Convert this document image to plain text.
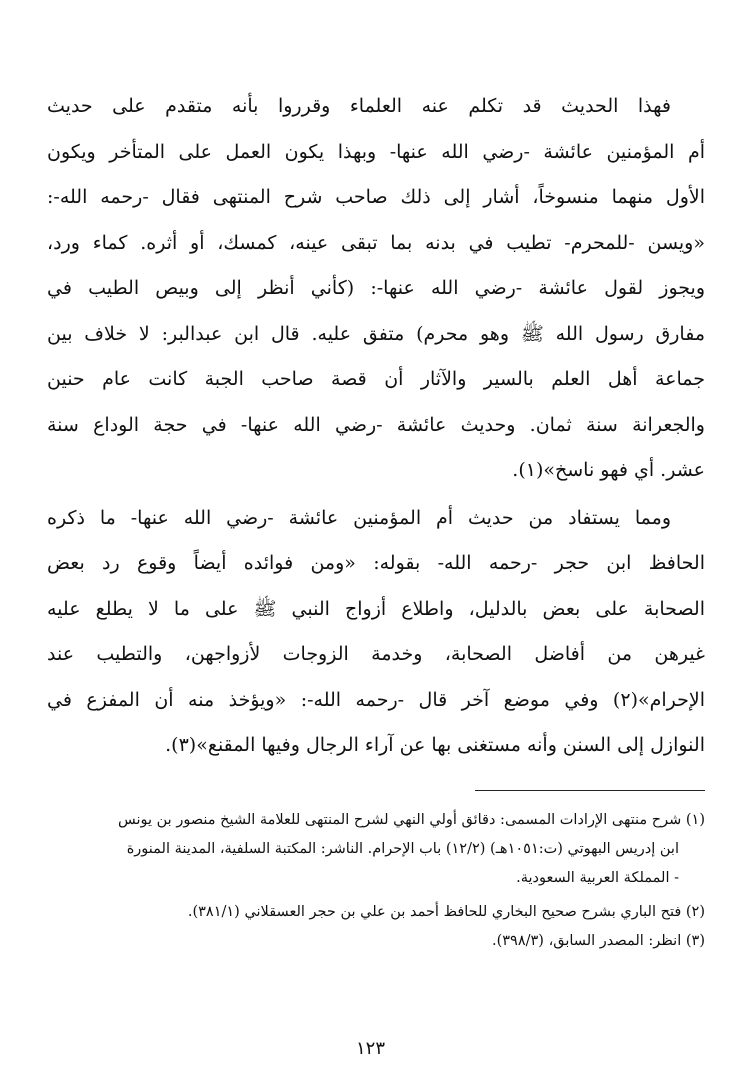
فهذا الحديث قد تكلم عنه العلماء وقرروا بأنه متقدم على حديث
أم المؤمنين عائشة -رضي الله عنها- وبهذا يكون العمل على المتأخر ويكون
الأول منهما منسوخاً، أشار إلى ذلك صاحب شرح المنتهى فقال -رحمه الله-:
«ويسن -للمحرم- تطيب في بدنه بما تبقى عينه، كمسك، أو أثره. كماء ورد،
ويجوز لقول عائشة -رضي الله عنها-: (كأني أنظر إلى وبيص الطيب في
مفارق رسول الله ﷺ وهو محرم) متفق عليه. قال ابن عبدالبر: لا خلاف بين
جماعة أهل العلم بالسير والآثار أن قصة صاحب الجبة كانت عام حنين
والجعرانة سنة ثمان. وحديث عائشة -رضي الله عنها- في حجة الوداع سنة
عشر. أي فهو ناسخ»(١).
ومما يستفاد من حديث أم المؤمنين عائشة -رضي الله عنها- ما ذكره
الحافظ ابن حجر -رحمه الله- بقوله: «ومن فوائده أيضاً وقوع رد بعض
الصحابة على بعض بالدليل، واطلاع أزواج النبي ﷺ على ما لا يطلع عليه
غيرهن من أفاضل الصحابة، وخدمة الزوجات لأزواجهن، والتطيب عند
الإحرام»(٢) وفي موضع آخر قال -رحمه الله-: «ويؤخذ منه أن المفزع في
النوازل إلى السنن وأنه مستغنى بها عن آراء الرجال وفيها المقنع»(٣).
(١) شرح منتهى الإرادات المسمى: دقائق أولي النهي لشرح المنتهى للعلامة الشيخ منصور بن يونس
ابن إدريس البهوتي (ت:١٠٥١هـ) (١٢/٢) باب الإحرام. الناشر: المكتبة السلفية، المدينة المنورة
- المملكة العربية السعودية.
(٢) فتح الباري بشرح صحيح البخاري للحافظ أحمد بن علي بن حجر العسقلاني (٣٨١/١).
(٣) انظر: المصدر السابق، (٣٩٨/٣).
١٢٣
